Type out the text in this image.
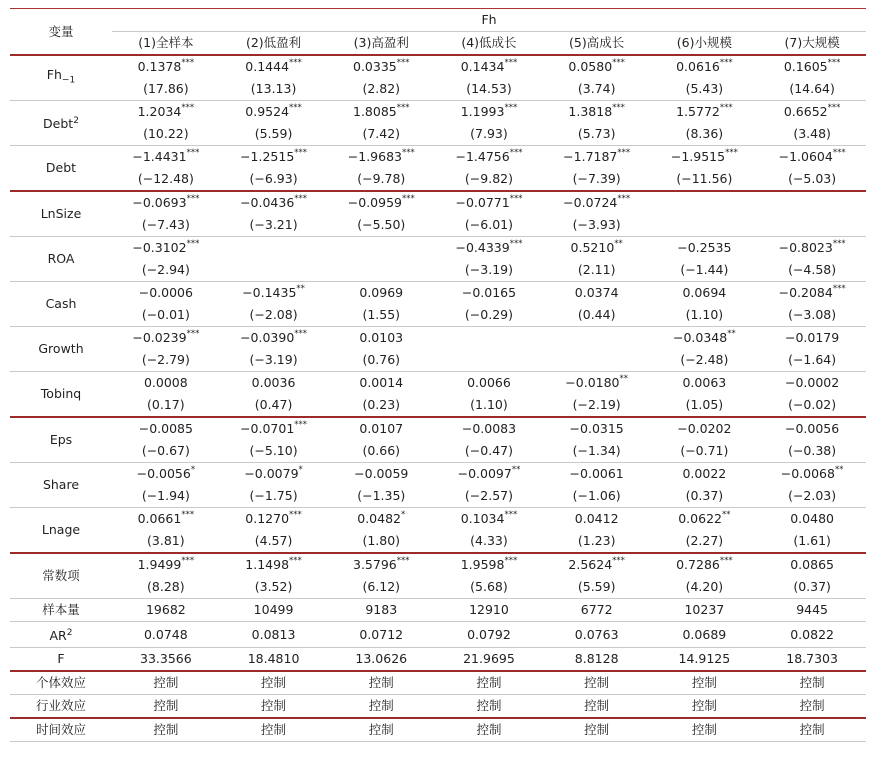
变量	Fh						
	(1)全样本	(2)低盈利	(3)高盈利	(4)低成长	(5)高成长	(6)小规模	(7)大规模
$Fh_{-1}$	0.1378***	0.1444***	0.0335***	0.1434***	0.0580***	0.0616***	0.1605***
	(17.86)	(13.13)	(2.82)	(14.53)	(3.74)	(5.43)	(14.64)
Debt$^2$	1.2034***	0.9524***	1.8085***	1.1993***	1.3818***	1.5772***	0.6652***
	(10.22)	(5.59)	(7.42)	(7.93)	(5.73)	(8.36)	(3.48)
Debt	−1.4431***	−1.2515***	−1.9683***	−1.4756***	−1.7187***	−1.9515***	−1.0604***
	(−12.48)	(−6.93)	(−9.78)	(−9.82)	(−7.39)	(−11.56)	(−5.03)
LnSize	−0.0693***	−0.0436***	−0.0959***	−0.0771***	−0.0724***		
	(−7.43)	(−3.21)	(−5.50)	(−6.01)	(−3.93)		
ROA	−0.3102***			−0.4339***	0.5210**	−0.2535	−0.8023***
	(−2.94)			(−3.19)	(2.11)	(−1.44)	(−4.58)
Cash	−0.0006	−0.1435**	0.0969	−0.0165	0.0374	0.0694	−0.2084***
	(−0.01)	(−2.08)	(1.55)	(−0.29)	(0.44)	(1.10)	(−3.08)
Growth	−0.0239***	−0.0390***	0.0103			−0.0348**	−0.0179
	(−2.79)	(−3.19)	(0.76)			(−2.48)	(−1.64)
Tobinq	0.0008	0.0036	0.0014	0.0066	−0.0180**	0.0063	−0.0002
	(0.17)	(0.47)	(0.23)	(1.10)	(−2.19)	(1.05)	(−0.02)
Eps	−0.0085	−0.0701***	0.0107	−0.0083	−0.0315	−0.0202	−0.0056
	(−0.67)	(−5.10)	(0.66)	(−0.47)	(−1.34)	(−0.71)	(−0.38)
Share	−0.0056*	−0.0079*	−0.0059	−0.0097**	−0.0061	0.0022	−0.0068**
	(−1.94)	(−1.75)	(−1.35)	(−2.57)	(−1.06)	(0.37)	(−2.03)
Lnage	0.0661***	0.1270***	0.0482*	0.1034***	0.0412	0.0622**	0.0480
	(3.81)	(4.57)	(1.80)	(4.33)	(1.23)	(2.27)	(1.61)
常数项	1.9499***	1.1498***	3.5796***	1.9598***	2.5624***	0.7286***	0.0865
	(8.28)	(3.52)	(6.12)	(5.68)	(5.59)	(4.20)	(0.37)
样本量	19682	10499	9183	12910	6772	10237	9445
$AR^2$	0.0748	0.0813	0.0712	0.0792	0.0763	0.0689	0.0822
F	33.3566	18.4810	13.0626	21.9695	8.8128	14.9125	18.7303
个体效应	控制	控制	控制	控制	控制	控制	控制
行业效应	控制	控制	控制	控制	控制	控制	控制
时间效应	控制	控制	控制	控制	控制	控制	控制
